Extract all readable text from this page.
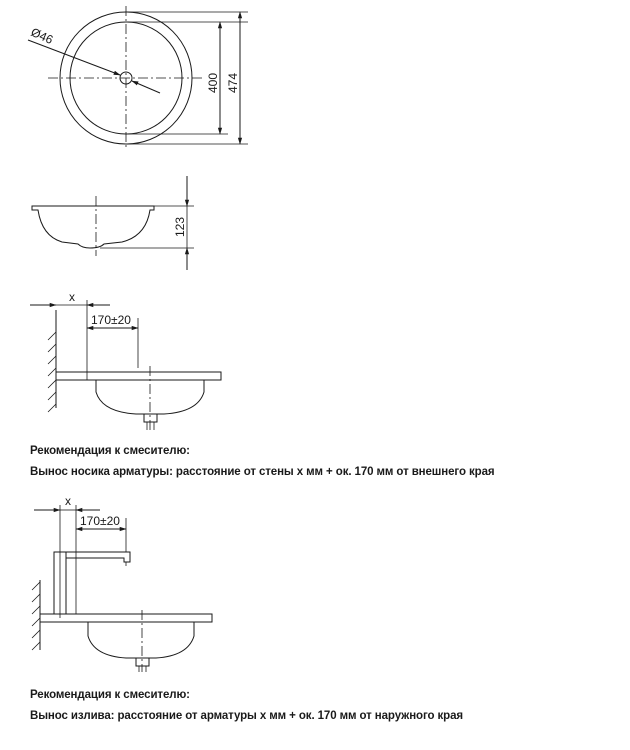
Ø46
400 474
123
x
170±20
x
170±20
Рекомендация к смесителю:
Вынос носика арматуры: расстояние от стены x мм + ок. 170 мм от внешнего края
Рекомендация к смесителю:
Вынос излива: расстояние от арматуры x мм + ок. 170 мм от наружного края
